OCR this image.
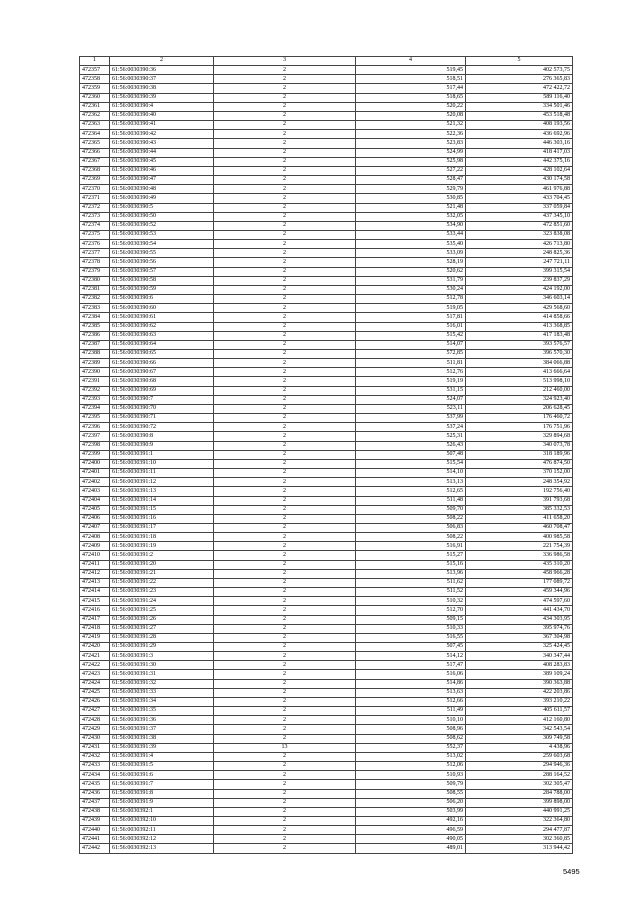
1	2	3	4	5
472357	61:56:0030390:36	2	519,45	402 573,75
472358	61:56:0030390:37	2	518,51	276 365,83
472359	61:56:0030390:38	2	517,44	472 422,72
472360	61:56:0030390:39	2	518,65	589 116,40
472361	61:56:0030390:4	2	520,22	334 501,46
472362	61:56:0030390:40	2	520,08	453 518,48
472363	61:56:0030390:41	2	521,32	408 193,56
472364	61:56:0030390:42	2	522,36	436 692,96
472365	61:56:0030390:43	2	523,83	446 303,16
472366	61:56:0030390:44	2	524,99	418 417,03
472367	61:56:0030390:45	2	525,98	442 375,16
472368	61:56:0030390:46	2	527,22	428 102,64
472369	61:56:0030390:47	2	528,47	430 174,58
472370	61:56:0030390:48	2	529,79	461 976,88
472371	61:56:0030390:49	2	530,85	433 704,45
472372	61:56:0030390:5	2	521,48	337 059,84
472373	61:56:0030390:50	2	532,05	437 345,10
472374	61:56:0030390:52	2	534,90	472 851,60
472375	61:56:0030390:53	2	533,44	323 838,08
472376	61:56:0030390:54	2	535,40	426 713,80
472377	61:56:0030390:55	2	533,09	248 825,36
472378	61:56:0030390:56	2	528,19	247 721,11
472379	61:56:0030390:57	2	520,62	399 315,54
472380	61:56:0030390:58	2	531,79	239 837,29
472381	61:56:0030390:59	2	530,24	424 192,00
472382	61:56:0030390:6	2	512,78	346 603,14
472383	61:56:0030390:60	2	519,05	429 568,60
472384	61:56:0030390:61	2	517,81	414 858,66
472385	61:56:0030390:62	2	516,01	413 368,85
472386	61:56:0030390:63	2	515,42	417 183,48
472387	61:56:0030390:64	2	514,07	393 576,57
472388	61:56:0030390:65	2	572,85	396 570,30
472389	61:56:0030390:66	2	511,81	384 066,88
472390	61:56:0030390:67	2	512,76	413 666,64
472391	61:56:0030390:68	2	519,19	513 998,10
472392	61:56:0030390:69	2	531,15	212 460,00
472393	61:56:0030390:7	2	524,07	324 923,40
472394	61:56:0030390:70	2	523,11	206 628,45
472395	61:56:0030390:71	2	537,99	176 460,72
472396	61:56:0030390:72	2	537,24	176 751,96
472397	61:56:0030390:8	2	525,31	329 894,68
472398	61:56:0030390:9	2	526,43	340 073,78
472399	61:56:0030391:1	2	507,48	318 189,96
472400	61:56:0030391:10	2	515,54	476 874,50
472401	61:56:0030391:11	2	514,10	370 152,00
472402	61:56:0030391:12	2	513,13	248 354,92
472403	61:56:0030391:13	2	512,65	192 756,40
472404	61:56:0030391:14	2	511,48	391 793,68
472405	61:56:0030391:15	2	509,70	385 332,53
472406	61:56:0030391:16	2	508,22	411 658,20
472407	61:56:0030391:17	2	506,83	460 708,47
472408	61:56:0030391:18	2	508,22	400 985,58
472409	61:56:0030391:19	2	516,91	221 754,39
472410	61:56:0030391:2	2	515,27	336 986,58
472411	61:56:0030391:20	2	515,16	435 310,20
472412	61:56:0030391:21	2	513,96	458 966,28
472413	61:56:0030391:22	2	511,62	177 089,72
472414	61:56:0030391:23	2	511,52	459 344,96
472415	61:56:0030391:24	2	510,32	474 597,60
472416	61:56:0030391:25	2	512,70	441 434,70
472417	61:56:0030391:26	2	509,15	434 303,95
472418	61:56:0030391:27	2	510,33	395 974,76
472419	61:56:0030391:28	2	516,55	367 304,98
472420	61:56:0030391:29	2	507,45	325 424,45
472421	61:56:0030391:3	2	514,12	340 347,44
472422	61:56:0030391:30	2	517,47	408 283,83
472423	61:56:0030391:31	2	516,06	389 109,24
472424	61:56:0030391:32	2	514,86	390 363,88
472425	61:56:0030391:33	2	513,63	422 203,86
472426	61:56:0030391:34	2	512,66	393 210,22
472427	61:56:0030391:35	2	511,49	405 611,57
472428	61:56:0030391:36	2	510,10	412 160,80
472429	61:56:0030391:37	2	508,96	342 543,54
472430	61:56:0030391:38	2	508,62	309 749,58
472431	61:56:0030391:39	13	552,37	4 438,96
472432	61:56:0030391:4	2	513,02	259 603,68
472433	61:56:0030391:5	2	512,06	294 946,36
472434	61:56:0030391:6	2	510,93	288 164,52
472435	61:56:0030391:7	2	509,79	302 305,47
472436	61:56:0030391:8	2	508,55	284 788,00
472437	61:56:0030391:9	2	506,20	399 898,00
472438	61:56:0030392:1	2	503,99	440 991,25
472439	61:56:0030392:10	2	492,16	322 364,80
472440	61:56:0030392:11	2	496,59	294 477,87
472441	61:56:0030392:12	2	490,05	302 360,85
472442	61:56:0030392:13	2	489,01	313 944,42
5495
